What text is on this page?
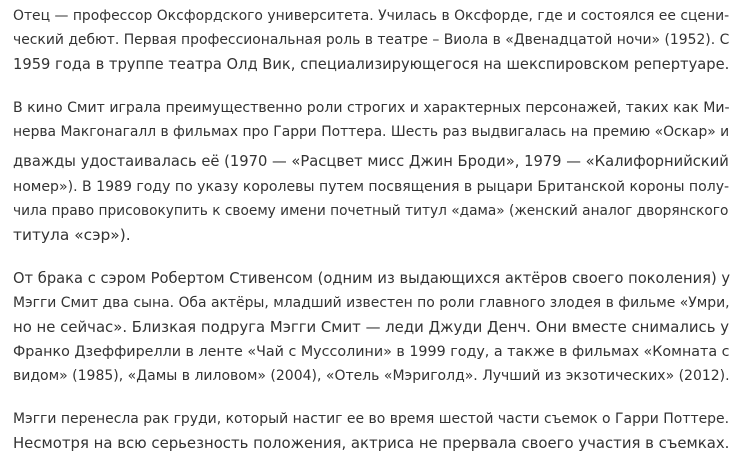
Отец — профессор Оксфордского университета. Училась в Оксфорде, где и состоялся ее сцени-
ческий дебют. Первая профессиональная роль в театре – Виола в «Двенадцатой ночи» (1952). С
1959 года в труппе театра Олд Вик, специализирующегося на шекспировском репертуаре.

В кино Смит играла преимущественно роли строгих и характерных персонажей, таких как Ми-
нерва Макгонагалл в фильмах про Гарри Поттера. Шесть раз выдвигалась на премию «Оскар» и
дважды удостаивалась её (1970 — «Расцвет мисс Джин Броди», 1979 — «Калифорнийский
номер»). В 1989 году по указу королевы путем посвящения в рыцари Британской короны полу-
чила право присовокупить к своему имени почетный титул «дама» (женский аналог дворянского
титула «сэр»).

От брака с сэром Робертом Стивенсом (одним из выдающихся актёров своего поколения) у
Мэгги Смит два сына. Оба актёры, младший известен по роли главного злодея в фильме «Умри,
но не сейчас». Близкая подруга Мэгги Смит — леди Джуди Денч. Они вместе снимались у
Франко Дзеффирелли в ленте «Чай с Муссолини» в 1999 году, а также в фильмах «Комната с
видом» (1985), «Дамы в лиловом» (2004), «Отель «Мэриголд». Лучший из экзотических» (2012).

Мэгги перенесла рак груди, который настиг ее во время шестой части съемок о Гарри Поттере.
Несмотря на всю серьезность положения, актриса не прервала своего участия в съемках.
